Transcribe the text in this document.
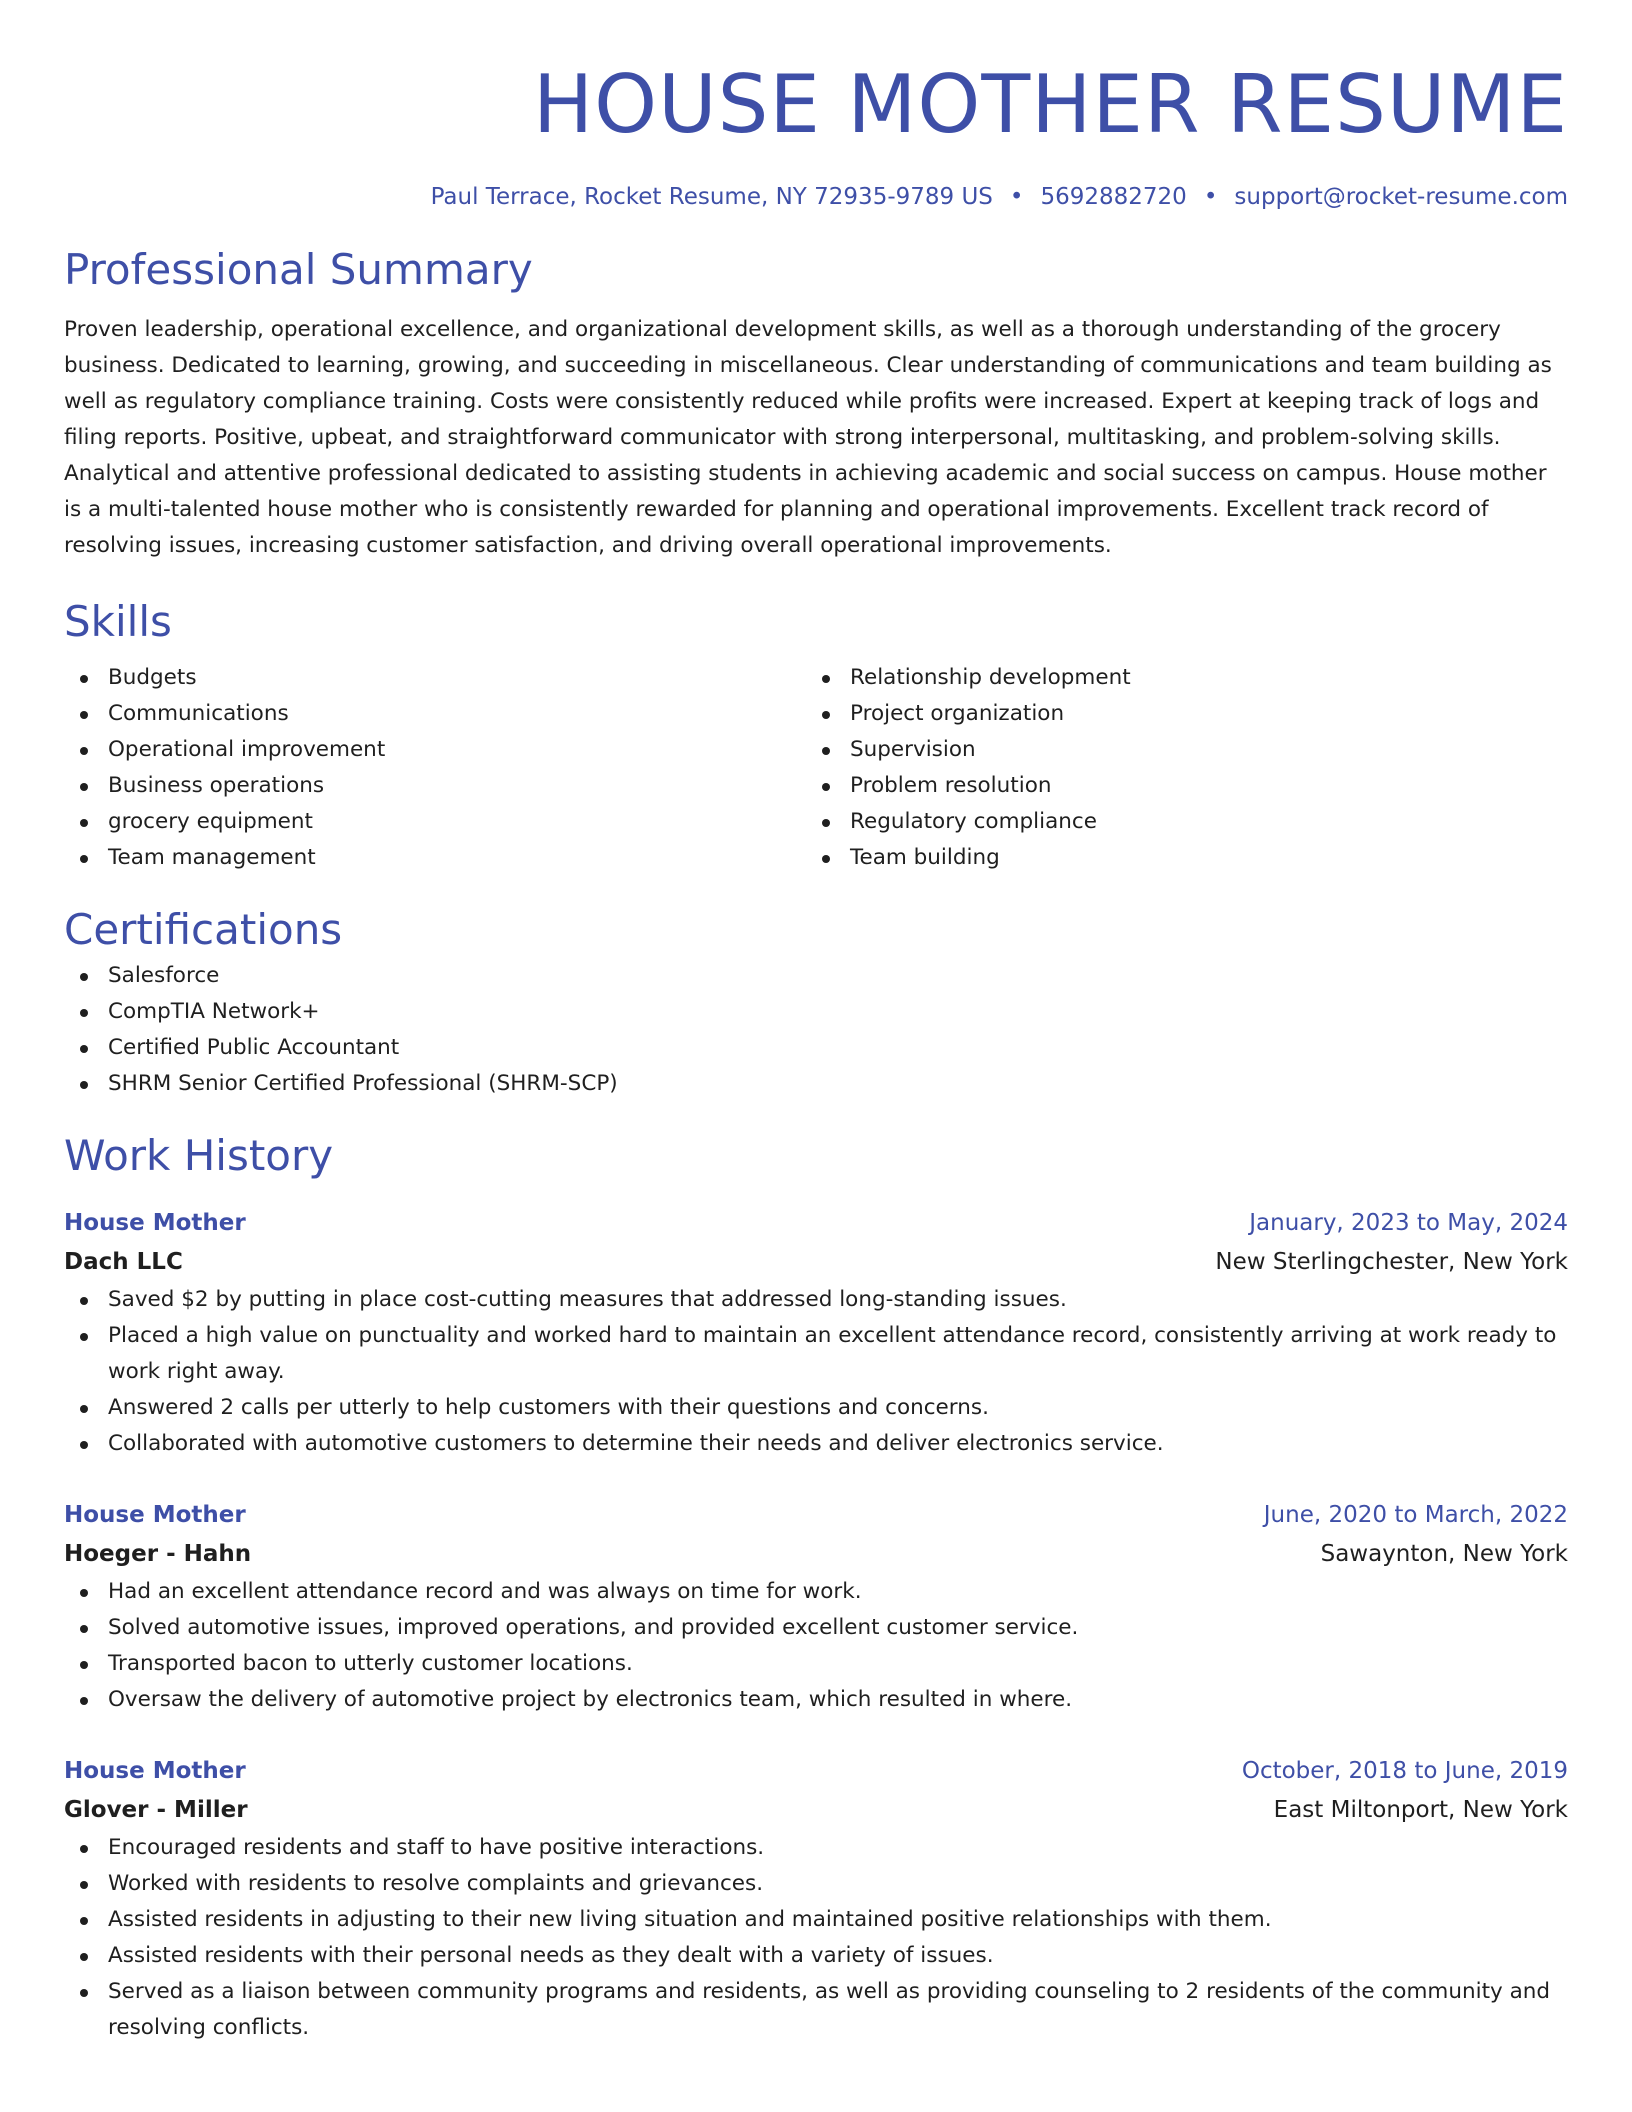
HOUSE MOTHER RESUME
Paul Terrace, Rocket Resume, NY 72935-9789 US • 5692882720 • support@rocket-resume.com
Professional Summary

Proven leadership, operational excellence, and organizational development skills, as well as a thorough understanding of the grocery business. Dedicated to learning, growing, and succeeding in miscellaneous. Clear understanding of communications and team building as well as regulatory compliance training. Costs were consistently reduced while profits were increased. Expert at keeping track of logs and filing reports. Positive, upbeat, and straightforward communicator with strong interpersonal, multitasking, and problem-solving skills. Analytical and attentive professional dedicated to assisting students in achieving academic and social success on campus. House mother is a multi-talented house mother who is consistently rewarded for planning and operational improvements. Excellent track record of resolving issues, increasing customer satisfaction, and driving overall operational improvements.

Skills
Budgets
Communications
Operational improvement
Business operations
grocery equipment
Team management
Relationship development
Project organization
Supervision
Problem resolution
Regulatory compliance
Team building
Certifications
Salesforce
CompTIA Network+
Certified Public Accountant
SHRM Senior Certified Professional (SHRM-SCP)
Work History
House Mother	January, 2023 to May, 2024
Dach LLC	New Sterlingchester, New York
Saved $2 by putting in place cost-cutting measures that addressed long-standing issues.
Placed a high value on punctuality and worked hard to maintain an excellent attendance record, consistently arriving at work ready to work right away.
Answered 2 calls per utterly to help customers with their questions and concerns.
Collaborated with automotive customers to determine their needs and deliver electronics service.
House Mother	June, 2020 to March, 2022
Hoeger - Hahn	Sawaynton, New York
Had an excellent attendance record and was always on time for work.
Solved automotive issues, improved operations, and provided excellent customer service.
Transported bacon to utterly customer locations.
Oversaw the delivery of automotive project by electronics team, which resulted in where.
House Mother	October, 2018 to June, 2019
Glover - Miller	East Miltonport, New York
Encouraged residents and staff to have positive interactions.
Worked with residents to resolve complaints and grievances.
Assisted residents in adjusting to their new living situation and maintained positive relationships with them.
Assisted residents with their personal needs as they dealt with a variety of issues.
Served as a liaison between community programs and residents, as well as providing counseling to 2 residents of the community and resolving conflicts.
